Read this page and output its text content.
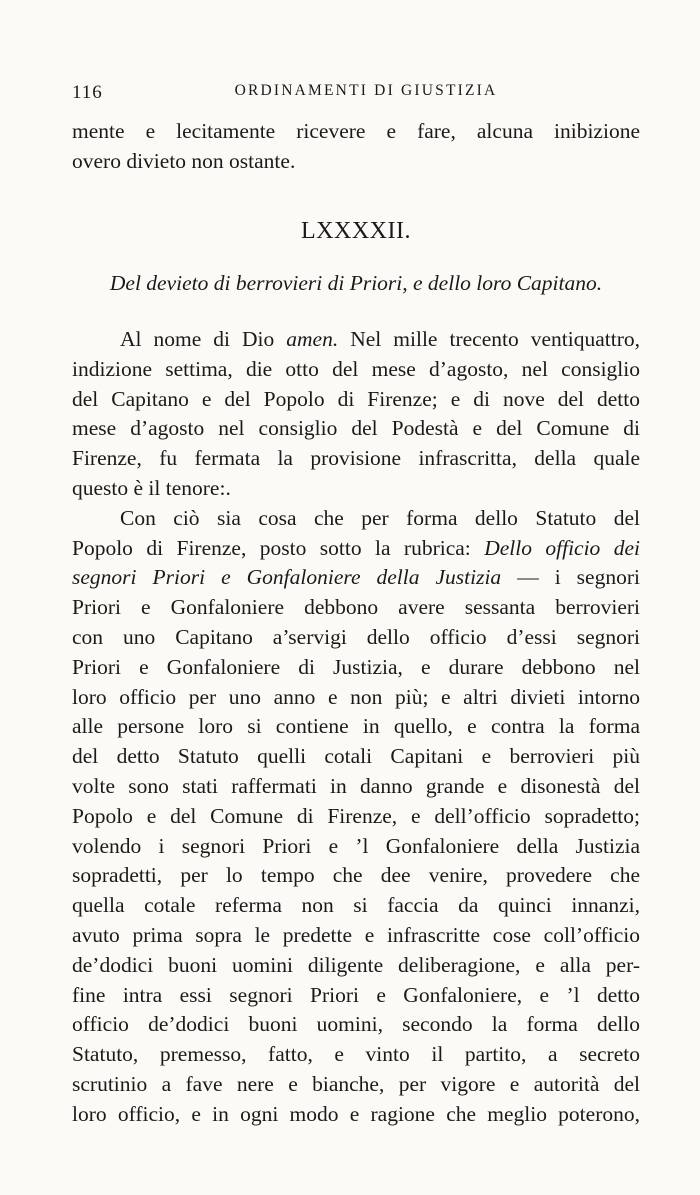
116	ORDINAMENTI DI GIUSTIZIA
mente e lecitamente ricevere e fare, alcuna inibizione
overo divieto non ostante.
LXXXXII.
Del devieto di berrovieri di Priori, e dello loro Capitano.
Al nome di Dio amen. Nel mille trecento ventiquattro,
indizione settima, die otto del mese d’agosto, nel consiglio
del Capitano e del Popolo di Firenze; e di nove del detto
mese d’agosto nel consiglio del Podestà e del Comune di
Firenze, fu fermata la provisione infrascritta, della quale
questo è il tenore:.
Con ciò sia cosa che per forma dello Statuto del
Popolo di Firenze, posto sotto la rubrica: Dello officio dei
segnori Priori e Gonfaloniere della Justizia — i segnori
Priori e Gonfaloniere debbono avere sessanta berrovieri
con uno Capitano a’servigi dello officio d’essi segnori
Priori e Gonfaloniere di Justizia, e durare debbono nel
loro officio per uno anno e non più; e altri divieti intorno
alle persone loro si contiene in quello, e contra la forma
del detto Statuto quelli cotali Capitani e berrovieri più
volte sono stati raffermati in danno grande e disonestà del
Popolo e del Comune di Firenze, e dell’officio sopradetto;
volendo i segnori Priori e ’l Gonfaloniere della Justizia
sopradetti, per lo tempo che dee venire, provedere che
quella cotale referma non si faccia da quinci innanzi,
avuto prima sopra le predette e infrascritte cose coll’officio
de’dodici buoni uomini diligente deliberagione, e alla per-
fine intra essi segnori Priori e Gonfaloniere, e ’l detto
officio de’dodici buoni uomini, secondo la forma dello
Statuto, premesso, fatto, e vinto il partito, a secreto
scrutinio a fave nere e bianche, per vigore e autorità del
loro officio, e in ogni modo e ragione che meglio poterono,
